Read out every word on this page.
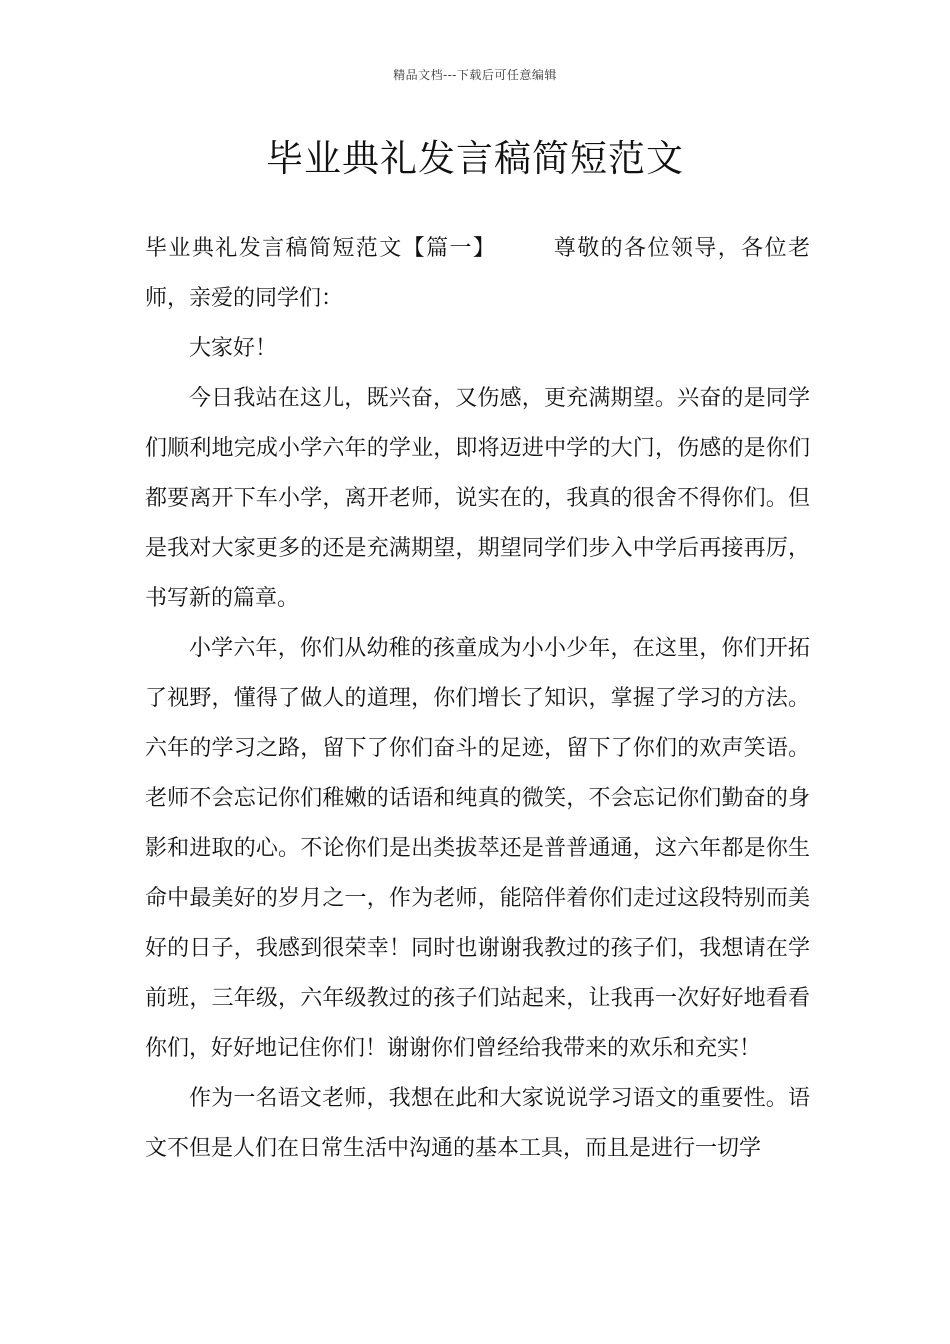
精品文档---下载后可任意编辑
毕业典礼发言稿简短范文

毕业典礼发言稿简短范文【篇一】	尊敬的各位领导，各位老师，亲爱的同学们：

大家好！

今日我站在这儿，既兴奋，又伤感，更充满期望。兴奋的是同学们顺利地完成小学六年的学业，即将迈进中学的大门，伤感的是你们都要离开下车小学，离开老师，说实在的，我真的很舍不得你们。但是我对大家更多的还是充满期望，期望同学们步入中学后再接再厉，书写新的篇章。

小学六年，你们从幼稚的孩童成为小小少年，在这里，你们开拓了视野，懂得了做人的道理，你们增长了知识，掌握了学习的方法。六年的学习之路，留下了你们奋斗的足迹，留下了你们的欢声笑语。老师不会忘记你们稚嫩的话语和纯真的微笑，不会忘记你们勤奋的身影和进取的心。不论你们是出类拔萃还是普普通通，这六年都是你生命中最美好的岁月之一，作为老师，能陪伴着你们走过这段特别而美好的日子，我感到很荣幸！同时也谢谢我教过的孩子们，我想请在学前班，三年级，六年级教过的孩子们站起来，让我再一次好好地看看你们，好好地记住你们！谢谢你们曾经给我带来的欢乐和充实！

作为一名语文老师，我想在此和大家说说学习语文的重要性。语文不但是人们在日常生活中沟通的基本工具，而且是进行一切学
